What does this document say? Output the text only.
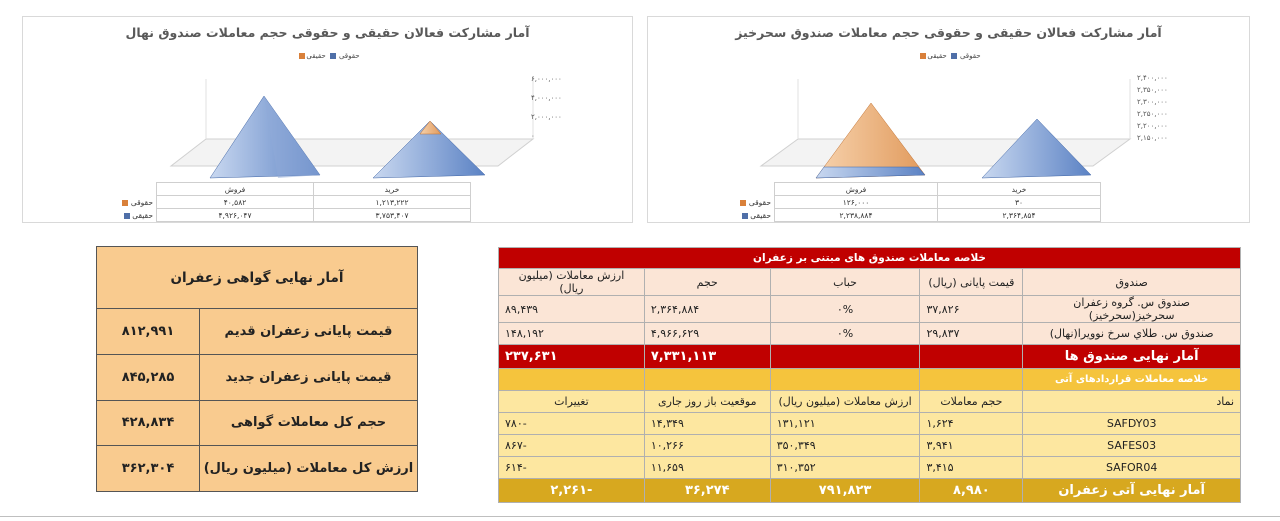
آمار مشارکت فعالان حقیقی و حقوقی حجم معاملات صندوق نهال
حقوقی حقیقی
۶,۰۰۰,۰۰۰
۴,۰۰۰,۰۰۰
۲,۰۰۰,۰۰۰
۰
	فروش	خرید
حقوقی	۴۰,۵۸۲	۱,۲۱۳,۲۲۲
حقیقی	۴,۹۲۶,۰۴۷	۳,۷۵۳,۴۰۷
آمار مشارکت فعالان حقیقی و حقوقی حجم معاملات صندوق سحرخیز
حقوقی حقیقی
۲,۴۰۰,۰۰۰
۲,۳۵۰,۰۰۰
۲,۳۰۰,۰۰۰
۲,۲۵۰,۰۰۰
۲,۲۰۰,۰۰۰
۲,۱۵۰,۰۰۰
	فروش	خرید
حقوقی	۱۲۶,۰۰۰	۳۰
حقیقی	۲,۲۳۸,۸۸۴	۲,۳۶۴,۸۵۴
آمار نهایی گواهی زعفران	
۸۱۲,۹۹۱	قیمت پایانی زعفران قدیم
۸۴۵,۲۸۵	قیمت پایانی زعفران جدید
۴۲۸,۸۳۴	حجم کل معاملات گواهی
۳۶۲,۳۰۴	ارزش کل معاملات (میلیون ریال)
خلاصه معاملات صندوق های مبتنی بر زعفران				
صندوق	قیمت پایانی (ریال)	حباب	حجم	ارزش معاملات (میلیون ریال)
صندوق س. گروه زعفران سحرخیز(سحرخیز)	۳۷,۸۲۶	۰%	۲,۳۶۴,۸۸۴	۸۹,۴۳۹
صندوق س. طلاي سرخ نوويرا(نهال)	۲۹,۸۳۷	۰%	۴,۹۶۶,۶۲۹	۱۴۸,۱۹۲
آمار نهایی صندوق ها			۷,۳۳۱,۱۱۳	۲۳۷,۶۳۱
خلاصه معاملات قراردادهای آتی				
نماد	حجم معاملات	ارزش معاملات (میلیون ریال)	موقعیت باز روز جاری	تغییرات
SAFDY03	۱,۶۲۴	۱۳۱,۱۲۱	۱۴,۳۴۹	-۷۸۰
SAFES03	۳,۹۴۱	۳۵۰,۳۴۹	۱۰,۲۶۶	-۸۶۷
SAFOR04	۳,۴۱۵	۳۱۰,۳۵۲	۱۱,۶۵۹	-۶۱۴
آمار نهایی آتی زعفران	۸,۹۸۰	۷۹۱,۸۲۳	۳۶,۲۷۴	-۲,۲۶۱
